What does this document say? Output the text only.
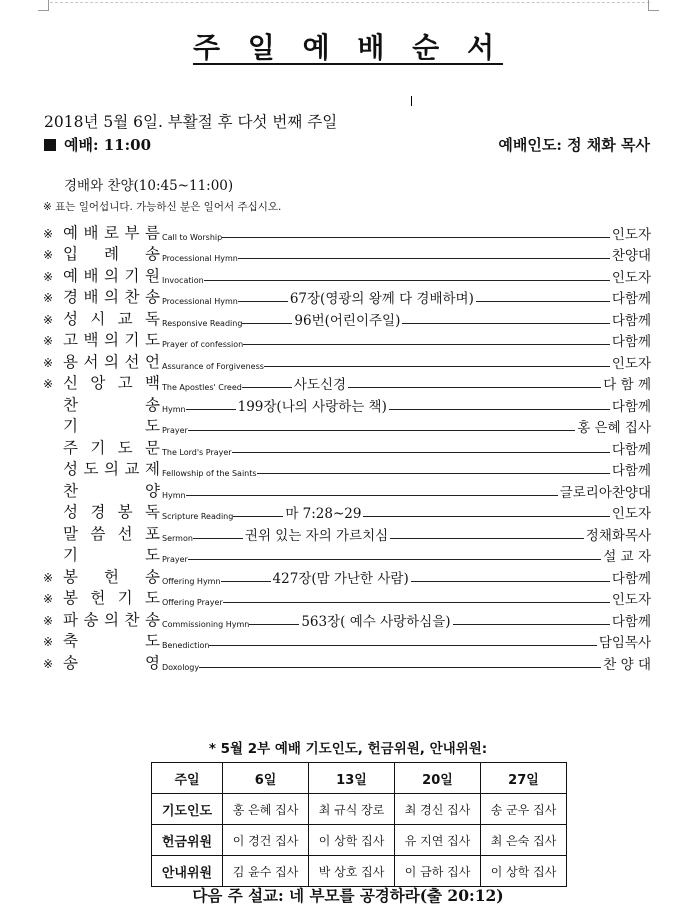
주 일 예 배 순 서
2018년 5월 6일. 부활절 후 다섯 번째 주일
예배: 11:00	예배인도: 정 채화 목사
경배와 찬양(10:45~11:00)
※ 표는 일어섭니다. 가능하신 분은 일어서 주십시오.
※ 예 배 로 부 름 Call to Worship	인도자
※ 입 례 송 Processional Hymn	찬양대
※ 예 배 의 기 원 Invocation	인도자
※ 경 배 의 찬 송 Processional Hymn	67장(영광의 왕께 다 경배하며)	다함께
※ 성 시 교 독 Responsive Reading	96번(어린이주일)	다함께
※ 고 백 의 기 도 Prayer of confession	다함께
※ 용 서 의 선 언 Assurance of Forgiveness	인도자
※ 신 앙 고 백 The Apostles' Creed	사도신경	다 함 께
찬	송 Hymn	199장(나의 사랑하는 책)	다함께
기	도 Prayer	홍 은혜 집사
주 기 도 문 The Lord's Prayer	다함께
성 도 의 교 제 Fellowship of the Saints	다함께
찬	양 Hymn	글로리아찬양대
성 경 봉 독 Scripture Reading	마 7:28~29	인도자
말 씀 선 포 Sermon	권위 있는 자의 가르치심	정채화목사
기	도 Prayer	설 교 자
※ 봉 헌 송 Offering Hymn	427장(맘 가난한 사람)	다함께
※ 봉 헌 기 도 Offering Prayer	인도자
※ 파 송 의 찬 송 Commissioning Hymn	563장( 예수 사랑하심을)	다함께
※ 축	도 Benediction	담임목사
※ 송	영 Doxology	찬 양 대
* 5월 2부 예배 기도인도, 헌금위원, 안내위원:
주일	6일	13일	20일	27일
기도인도	홍 은혜 집사	최 규식 장로	최 경신 집사	송 군우 집사
헌금위원	이 경건 집사	이 상학 집사	유 지연 집사	최 은숙 집사
안내위원	김 윤수 집사	박 상호 집사	이 금하 집사	이 상학 집사
다음 주 설교: 네 부모를 공경하라(출 20:12)
